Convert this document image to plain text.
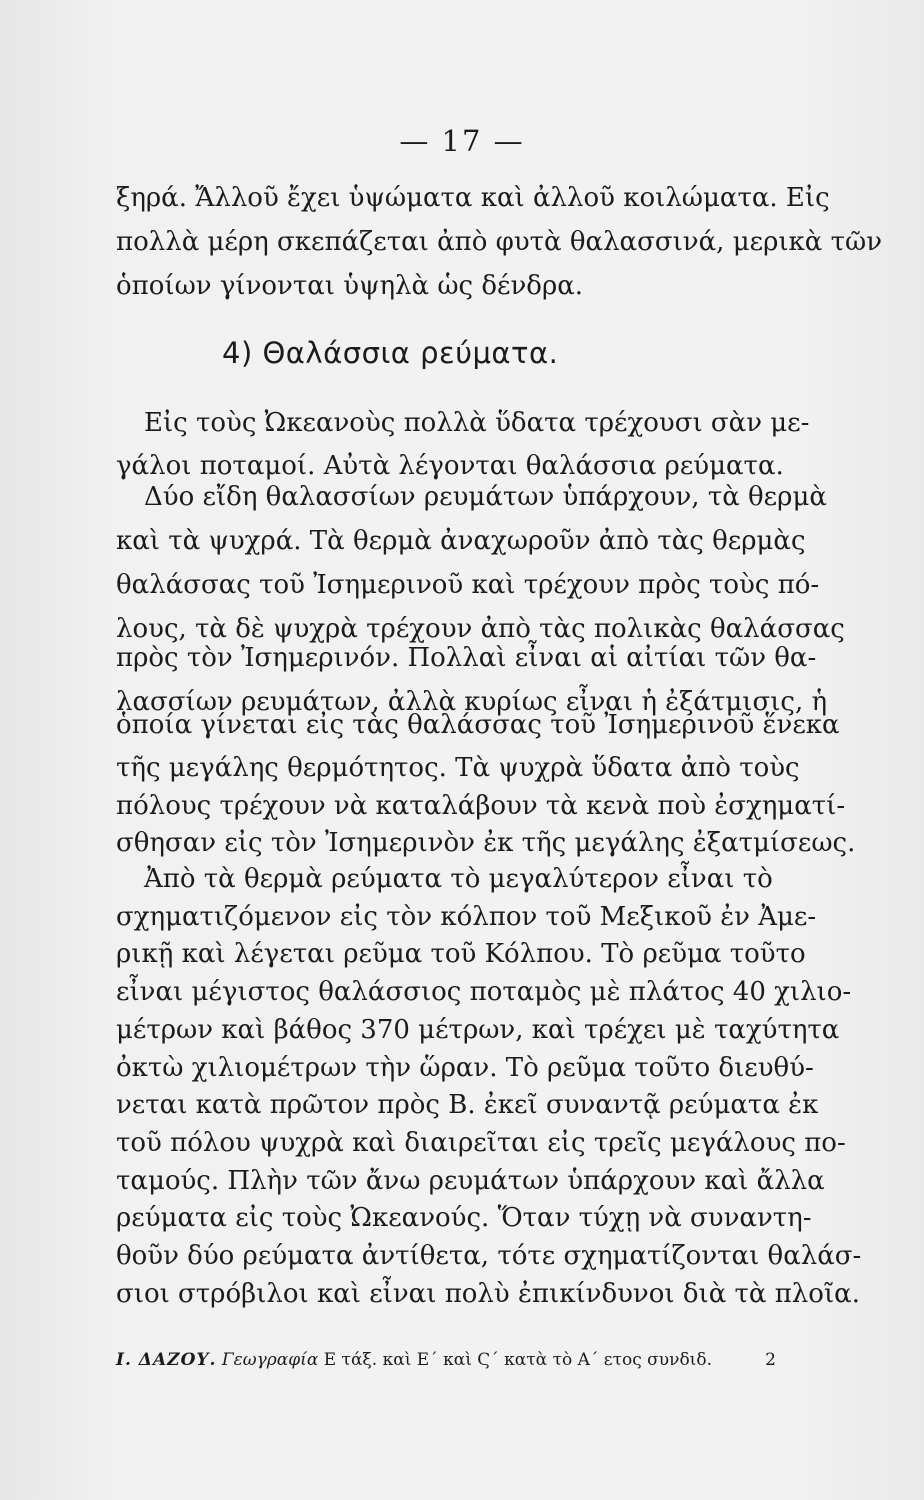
— 17 —
ξηρά. Ἄλλοῦ ἔχει ὑψώματα καὶ ἀλλοῦ κοιλώματα. Εἰς
πολλὰ μέρη σκεπάζεται ἀπὸ φυτὰ θαλασσινά, μερικὰ τῶν
ὁποίων γίνονται ὑψηλὰ ὡς δένδρα.
4) Θαλάσσια ρεύματα.
Εἰς τοὺς Ὠκεανοὺς πολλὰ ὕδατα τρέχουσι σὰν με-
γάλοι ποταμοί. Αὐτὰ λέγονται θαλάσσια ρεύματα.
Δύο εἴδη θαλασσίων ρευμάτων ὑπάρχουν, τὰ θερμὰ
καὶ τὰ ψυχρά. Τὰ θερμὰ ἀναχωροῦν ἀπὸ τὰς θερμὰς
θαλάσσας τοῦ Ἰσημερινοῦ καὶ τρέχουν πρὸς τοὺς πό-
λους, τὰ δὲ ψυχρὰ τρέχουν ἀπὸ τὰς πολικὰς θαλάσσας
πρὸς τὸν Ἰσημερινόν. Πολλαὶ εἶναι αἱ αἰτίαι τῶν θα-
λασσίων ρευμάτων, ἀλλὰ κυρίως εἶναι ἡ ἐξάτμισις, ἡ
ὁποία γίνεται εἰς τὰς θαλάσσας τοῦ Ἰσημερινοῦ ἕνεκα
τῆς μεγάλης θερμότητος. Τὰ ψυχρὰ ὕδατα ἀπὸ τοὺς
πόλους τρέχουν νὰ καταλάβουν τὰ κενὰ ποὺ ἐσχηματί-
σθησαν εἰς τὸν Ἰσημερινὸν ἐκ τῆς μεγάλης ἐξατμίσεως.
Ἀπὸ τὰ θερμὰ ρεύματα τὸ μεγαλύτερον εἶναι τὸ
σχηματιζόμενον εἰς τὸν κόλπον τοῦ Μεξικοῦ ἐν Ἀμε-
ρικῇ καὶ λέγεται ρεῦμα τοῦ Κόλπου. Τὸ ρεῦμα τοῦτο
εἶναι μέγιστος θαλάσσιος ποταμὸς μὲ πλάτος 40 χιλιο-
μέτρων καὶ βάθος 370 μέτρων, καὶ τρέχει μὲ ταχύτητα
ὀκτὼ χιλιομέτρων τὴν ὥραν. Τὸ ρεῦμα τοῦτο διευθύ-
νεται κατὰ πρῶτον πρὸς Β. ἐκεῖ συναντᾷ ρεύματα ἐκ
τοῦ πόλου ψυχρὰ καὶ διαιρεῖται εἰς τρεῖς μεγάλους πο-
ταμούς. Πλὴν τῶν ἄνω ρευμάτων ὑπάρχουν καὶ ἄλλα
ρεύματα εἰς τοὺς Ὠκεανούς. Ὅταν τύχῃ νὰ συναντη-
θοῦν δύο ρεύματα ἀντίθετα, τότε σχηματίζονται θαλάσ-
σιοι στρόβιλοι καὶ εἶναι πολὺ ἐπικίνδυνοι διὰ τὰ πλοῖα.
Ι. ΔΑΖΟΥ. Γεωγραφία Ε τάξ. καὶ Ε΄ καὶ Ϛ΄ κατὰ τὸ Α΄ ετος συνδιδ.	2
